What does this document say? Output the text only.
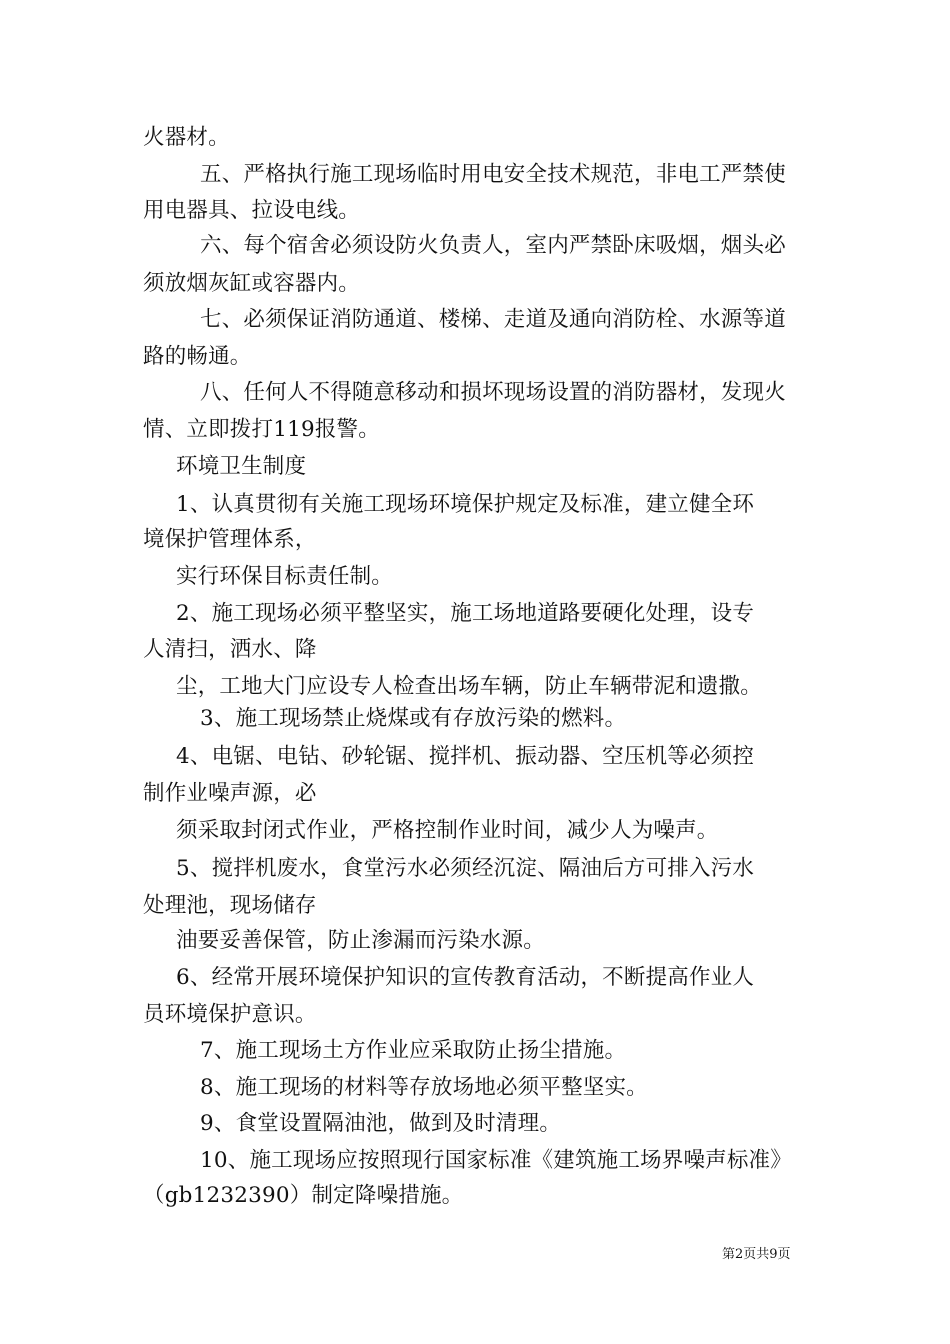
火器材。
五、严格执行施工现场临时用电安全技术规范，非电工严禁使
用电器具、拉设电线。
六、每个宿舍必须设防火负责人，室内严禁卧床吸烟，烟头必
须放烟灰缸或容器内。
七、必须保证消防通道、楼梯、走道及通向消防栓、水源等道
路的畅通。
八、任何人不得随意移动和损坏现场设置的消防器材，发现火
情、立即拨打119报警。
环境卫生制度
1、认真贯彻有关施工现场环境保护规定及标准，建立健全环
境保护管理体系，
实行环保目标责任制。
2、施工现场必须平整坚实，施工场地道路要硬化处理，设专
人清扫，洒水、降
尘，工地大门应设专人检查出场车辆，防止车辆带泥和遗撒。
3、施工现场禁止烧煤或有存放污染的燃料。
4、电锯、电钻、砂轮锯、搅拌机、振动器、空压机等必须控
制作业噪声源，必
须采取封闭式作业，严格控制作业时间，减少人为噪声。
5、搅拌机废水，食堂污水必须经沉淀、隔油后方可排入污水
处理池，现场储存
油要妥善保管，防止渗漏而污染水源。
6、经常开展环境保护知识的宣传教育活动，不断提高作业人
员环境保护意识。
7、施工现场土方作业应采取防止扬尘措施。
8、施工现场的材料等存放场地必须平整坚实。
9、食堂设置隔油池，做到及时清理。
10、施工现场应按照现行国家标准《建筑施工场界噪声标准》
（gb1232390）制定降噪措施。
第2页共9页
